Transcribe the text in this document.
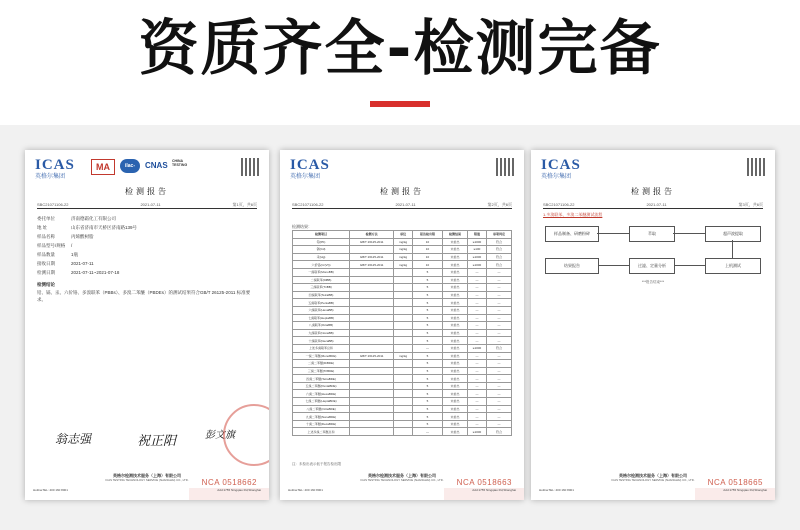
资质齐全-检测完备
ICAS
英格尔集团
MA	ilac-MRA
CNAS CHINA TESTING
检测报告
SBC21071106-22	2021-07-11	第1页，共6页
委托单位	济南德霜化工有限公司
地 址	山东省济南市天桥区济南路139号
样品名称	丙烯酸树脂
样品型号/规格	/
样品数量	1瓶
接收日期	2021-07-11
检测日期	2021-07-11~2021-07-18
检测结论
铅、镉、汞、六价铬、多溴联苯（PBBs）、多溴二苯醚（PBDEs）的测试结果符合GB/T 26125-2011 标准要求。
翁志强	祝正阳	彭文旗
英格尔检测技术服务（上海）有限公司
ICAS TESTING TECHNOLOGY SERVICE (SHANGHAI) CO., LTD.	NCA 0518662
HotlineTEL: 400 160 8001	Add:1755 Ningqiao Rd,Shanghai
ICAS
英格尔集团
检测报告
SBC21071106-22	2021-07-11	第2页，共6页
检测结果：
检测项目	检测方法	单位	报告检出限	检测结果	限值	单项判定
铅(Pb)	GB/T 26125-2011	mg/kg	10	未检出	≤1000	符合
镉(Cd)		mg/kg	10	未检出	≤100	符合
汞(Hg)	GB/T 26125-2011	mg/kg	10	未检出	≤1000	符合
六价铬(Cr(VI))	GB/T 26125-2011	mg/kg	10	未检出	≤1000	符合
一溴联苯(MonoBB)			5	未检出	—	—
二溴联苯(DiBB)			5	未检出	—	—
三溴联苯(TriBB)			5	未检出	—	—
四溴联苯(TetraBB)			5	未检出	—	—
五溴联苯(PentaBB)			5	未检出	—	—
六溴联苯(HexaBB)			5	未检出	—	—
七溴联苯(HeptaBB)			5	未检出	—	—
八溴联苯(OctaBB)			5	未检出	—	—
九溴联苯(NonaBB)			5	未检出	—	—
十溴联苯(DecaBB)			5	未检出	—	—
上述多溴联苯总和			—	未检出	≤1000	符合
一溴二苯醚(MonoBDE)	GB/T 26125-2011	mg/kg	5	未检出	—	—
二溴二苯醚(DiBDE)			5	未检出	—	—
三溴二苯醚(TriBDE)			5	未检出	—	—
四溴二苯醚(TetraBDE)			5	未检出	—	—
五溴二苯醚(PentaBDE)			5	未检出	—	—
六溴二苯醚(HexaBDE)			5	未检出	—	—
七溴二苯醚(HeptaBDE)			5	未检出	—	—
八溴二苯醚(OctaBDE)			5	未检出	—	—
九溴二苯醚(NonaBDE)			5	未检出	—	—
十溴二苯醚(DecaBDE)			5	未检出	—	—
上述多溴二苯醚总和			—	未检出	≤1000	符合
注：未检出表示低于报告检出限
英格尔检测技术服务（上海）有限公司
ICAS TESTING TECHNOLOGY SERVICE (SHANGHAI) CO., LTD.	NCA 0518663
HotlineTEL: 400 160 8001	Add:1755 Ningqiao Rd,Shanghai
ICAS
英格尔集团
检测报告
SBC21071106-22	2021-07-11	第3页，共6页
1.多溴联苯、多溴二苯醚测试流程
样品制备、研磨粉碎	萃取	超声波提取
上机测试
过滤、定量分析
结果报告
***报告结束***
英格尔检测技术服务（上海）有限公司
ICAS TESTING TECHNOLOGY SERVICE (SHANGHAI) CO., LTD.	NCA 0518665
HotlineTEL: 400 160 8001	Add:1755 Ningqiao Rd,Shanghai
